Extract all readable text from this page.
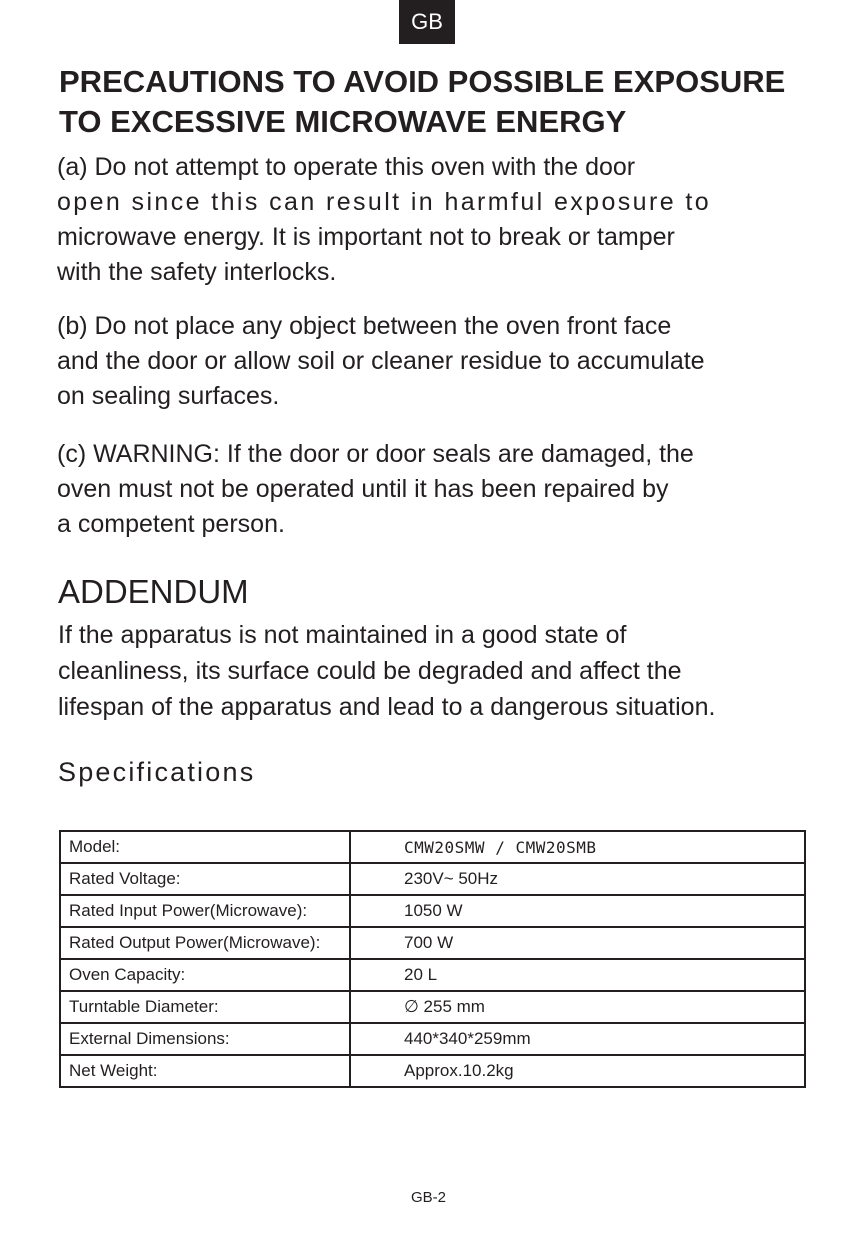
GB
PRECAUTIONS TO AVOID POSSIBLE EXPOSURE
TO EXCESSIVE MICROWAVE ENERGY
(a) Do not attempt to operate this oven with the door
open since this can result in harmful exposure to
microwave energy. It is important not to break or tamper
with the safety interlocks.
(b) Do not place any object between the oven front face
and the door or allow soil or cleaner residue to accumulate
on sealing surfaces.
(c) WARNING: If the door or door seals are damaged, the
oven must not be operated until it has been repaired by
a competent person.
ADDENDUM
If the apparatus is not maintained in a good state of
cleanliness, its surface could be degraded and affect the
lifespan of the apparatus and lead to a dangerous situation.
Specifications
Model:	CMW20SMW / CMW20SMB
Rated Voltage:	230V~ 50Hz
Rated Input Power(Microwave):	1050 W
Rated Output Power(Microwave):	700 W
Oven Capacity:	20 L
Turntable Diameter:	∅ 255 mm
External Dimensions:	440*340*259mm
Net Weight:	Approx.10.2kg
GB-2
